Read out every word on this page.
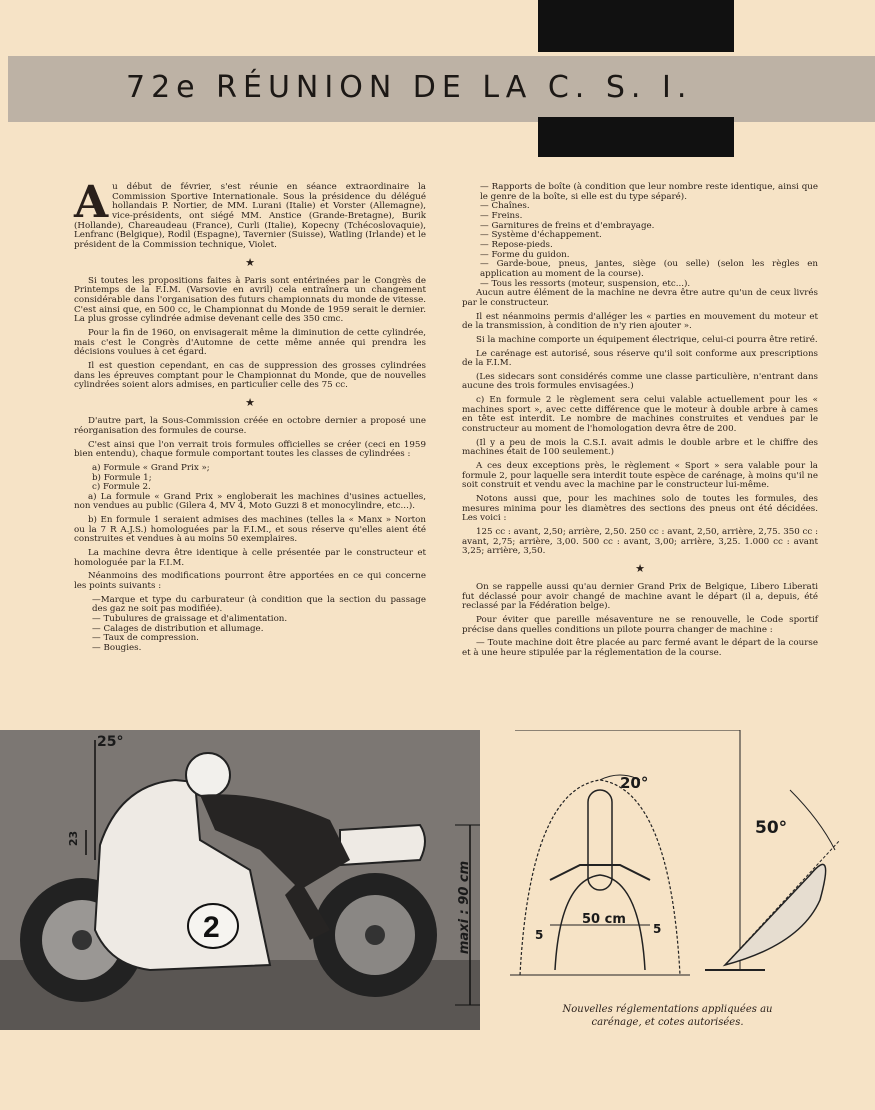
72e RÉUNION DE LA C. S. I.

Au début de février, s'est réunie en séance extraordinaire la Commission Sportive Internationale. Sous la présidence du délégué hollandais P. Nortier, de MM. Lurani (Italie) et Vorster (Allemagne), vice-présidents, ont siégé MM. Anstice (Grande-Bretagne), Burik (Hollande), Chareaudeau (France), Curli (Italie), Kopecny (Tchécoslovaquie), Lenfranc (Belgique), Rodil (Espagne), Tavernier (Suisse), Watling (Irlande) et le président de la Commission technique, Violet.

★

Si toutes les propositions faites à Paris sont entérinées par le Congrès de Printemps de la F.I.M. (Varsovie en avril) cela entraînera un changement considérable dans l'organisation des futurs championnats du monde de vitesse. C'est ainsi que, en 500 cc, le Championnat du Monde de 1959 serait le dernier. La plus grosse cylindrée admise devenant celle des 350 cmc.

Pour la fin de 1960, on envisagerait même la diminution de cette cylindrée, mais c'est le Congrès d'Automne de cette même année qui prendra les décisions voulues à cet égard.

Il est question cependant, en cas de suppression des grosses cylindrées dans les épreuves comptant pour le Championnat du Monde, que de nouvelles cylindrées soient alors admises, en particulier celle des 75 cc.

★

D'autre part, la Sous-Commission créée en octobre dernier a proposé une réorganisation des formules de course.

C'est ainsi que l'on verrait trois formules officielles se créer (ceci en 1959 bien entendu), chaque formule comportant toutes les classes de cylindrées :

a) Formule « Grand Prix »;

b) Formule 1;

c) Formule 2.

a) La formule « Grand Prix » engloberait les machines d'usines actuelles, non vendues au public (Gilera 4, MV 4, Moto Guzzi 8 et monocylindre, etc...).

b) En formule 1 seraient admises des machines (telles la « Manx » Norton ou la 7 R A.J.S.) homologuées par la F.I.M., et sous réserve qu'elles aient été construites et vendues à au moins 50 exemplaires.

La machine devra être identique à celle présentée par le constructeur et homologuée par la F.I.M.

Néanmoins des modifications pourront être apportées en ce qui concerne les points suivants :

—Marque et type du carburateur (à condition que la section du passage des gaz ne soit pas modifiée).

— Tubulures de graissage et d'alimentation.

— Calages de distribution et allumage.

— Taux de compression.

— Bougies.

— Rapports de boîte (à condition que leur nombre reste identique, ainsi que le genre de la boîte, si elle est du type séparé).

— Chaînes.

— Freins.

— Garnitures de freins et d'embrayage.

— Système d'échappement.

— Repose-pieds.

— Forme du guidon.

— Garde-boue, pneus, jantes, siège (ou selle) (selon les règles en application au moment de la course).

— Tous les ressorts (moteur, suspension, etc...).

Aucun autre élément de la machine ne devra être autre qu'un de ceux livrés par le constructeur.

Il est néanmoins permis d'alléger les « parties en mouvement du moteur et de la transmission, à condition de n'y rien ajouter ».

Si la machine comporte un équipement électrique, celui-ci pourra être retiré.

Le carénage est autorisé, sous réserve qu'il soit conforme aux prescriptions de la F.I.M.

(Les sidecars sont considérés comme une classe particulière, n'entrant dans aucune des trois formules envisagées.)

c) En formule 2 le règlement sera celui valable actuellement pour les « machines sport », avec cette différence que le moteur à double arbre à cames en tête est interdit. Le nombre de machines construites et vendues par le constructeur au moment de l'homologation devra être de 200.

(Il y a peu de mois la C.S.I. avait admis le double arbre et le chiffre des machines était de 100 seulement.)

A ces deux exceptions près, le règlement « Sport » sera valable pour la formule 2, pour laquelle sera interdit toute espèce de carénage, à moins qu'il ne soit construit et vendu avec la machine par le constructeur lui-même.

Notons aussi que, pour les machines solo de toutes les formules, des mesures minima pour les diamètres des sections des pneus ont été décidées. Les voici :

125 cc : avant, 2,50; arrière, 2,50. 250 cc : avant, 2,50, arrière, 2,75. 350 cc : avant, 2,75; arrière, 3,00. 500 cc : avant, 3,00; arrière, 3,25. 1.000 cc : avant 3,25; arrière, 3,50.

★

On se rappelle aussi qu'au dernier Grand Prix de Belgique, Libero Liberati fut déclassé pour avoir changé de machine avant le départ (il a, depuis, été reclassé par la Fédération belge).

Pour éviter que pareille mésaventure ne se renouvelle, le Code sportif précise dans quelles conditions un pilote pourra changer de machine :

— Toute machine doit être placée au parc fermé avant le départ de la course et à une heure stipulée par la réglementation de la course.

2
25°
23
maxi : 90 cm
20°
50°
50 cm
5	5
Nouvelles réglementations appliquées au carénage, et cotes autorisées.
